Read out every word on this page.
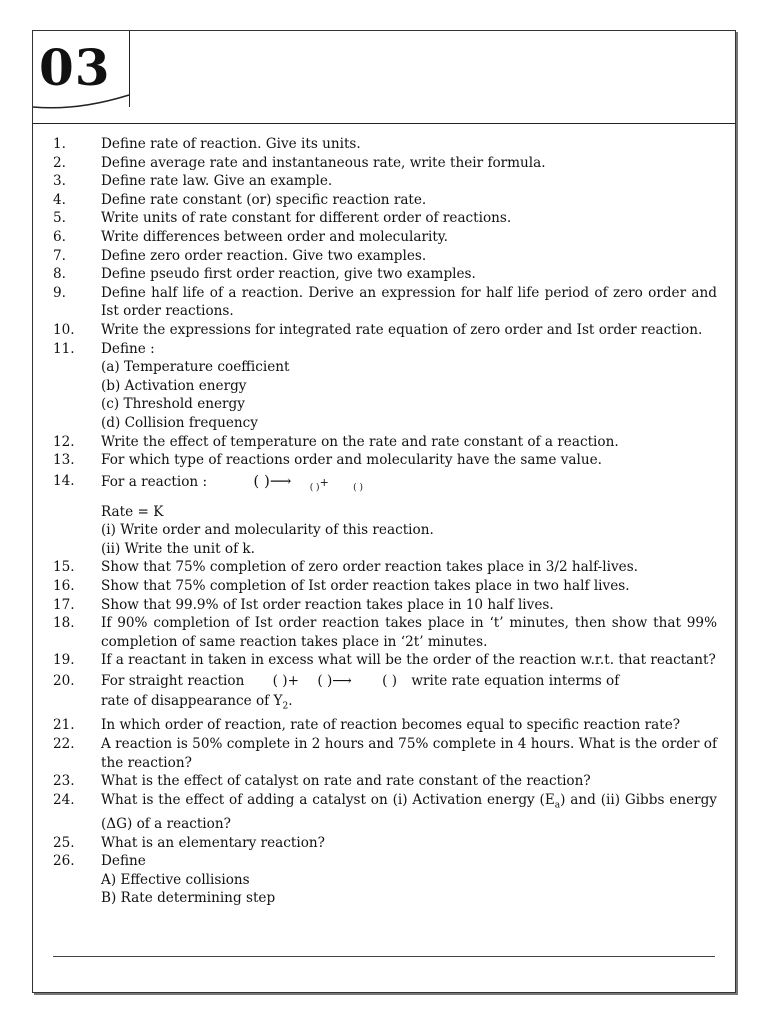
03
1.	Define rate of reaction. Give its units.
2.	Define average rate and instantaneous rate, write their formula.
3.	Define rate law. Give an example.
4.	Define rate constant (or) specific reaction rate.
5.	Write units of rate constant for different order of reactions.
6.	Write differences between order and molecularity.
7.	Define zero order reaction. Give two examples.
8.	Define pseudo first order reaction, give two examples.
9.	Define half life of a reaction. Derive an expression for half life period of zero order and Ist order reactions.
10.	Write the expressions for integrated rate equation of zero order and Ist order reaction.
11.	Define :
(a) Temperature coefficient
(b) Activation energy
(c) Threshold energy
(d) Collision frequency
12.	Write the effect of temperature on the rate and rate constant of a reaction.
13.	For which type of reactions order and molecularity have the same value.
14.	For a reaction :	( )⟶ $_{( )}$+	$_{( )}$
Rate = K
(i) Write order and molecularity of this reaction.
(ii) Write the unit of k.
15.	Show that 75% completion of zero order reaction takes place in 3/2 half-lives.
16.	Show that 75% completion of Ist order reaction takes place in two half lives.
17.	Show that 99.9% of Ist order reaction takes place in 10 half lives.
18.	If 90% completion of Ist order reaction takes place in ‘t’ minutes, then show that 99% completion of same reaction takes place in ‘2t’ minutes.
19.	If a reactant in taken in excess what will be the order of the reaction w.r.t. that reactant?
20.	For straight reaction ( )+ ( )⟶ ( ) write rate equation interms of
rate of disappearance of $Y_2$.
21.	In which order of reaction, rate of reaction becomes equal to specific reaction rate?
22.	A reaction is 50% complete in 2 hours and 75% complete in 4 hours. What is the order of the reaction?
23.	What is the effect of catalyst on rate and rate constant of the reaction?
24.	What is the effect of adding a catalyst on (i) Activation energy $(E_a)$ and (ii) Gibbs energy (ΔG) of a reaction?
25.	What is an elementary reaction?
26.	Define
A) Effective collisions
B) Rate determining step
